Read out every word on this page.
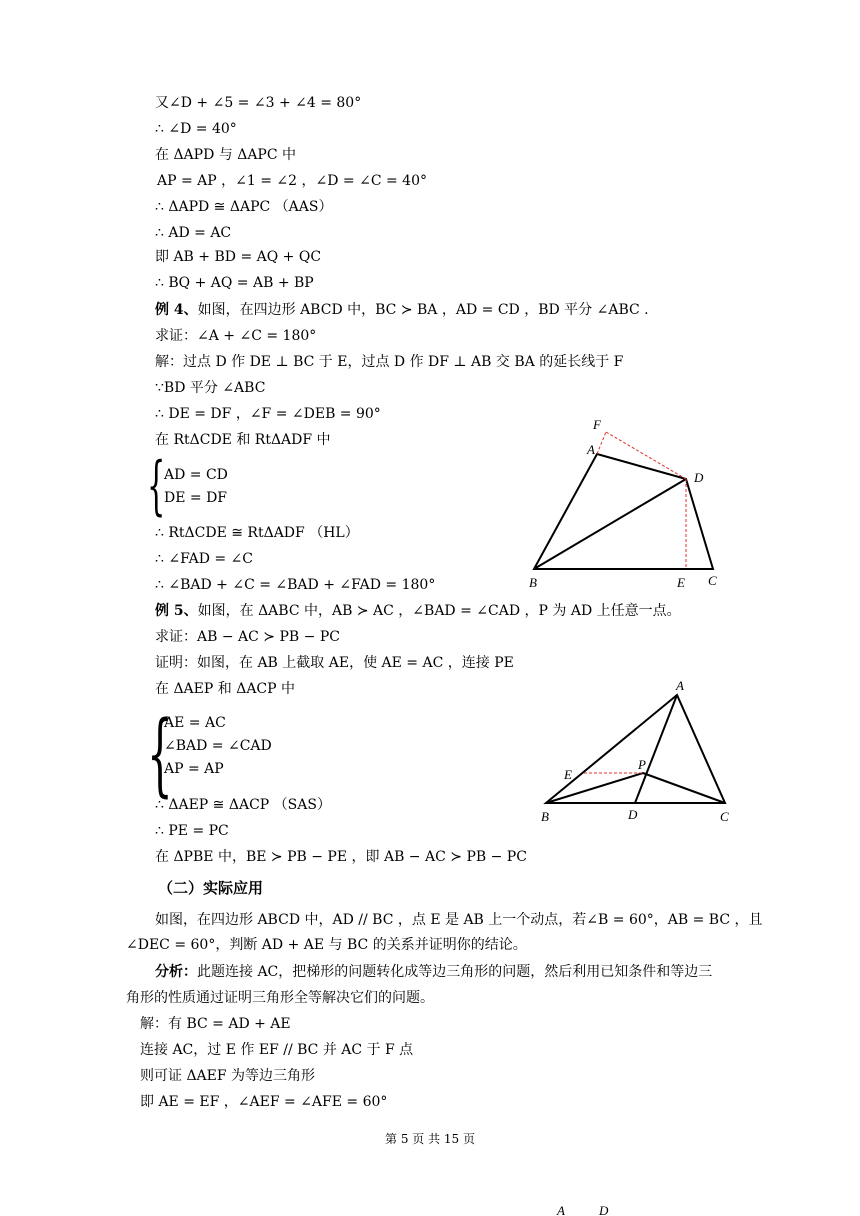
又∠D + ∠5 = ∠3 + ∠4 = 80°
∴ ∠D = 40°
在 ΔAPD 与 ΔAPC 中
AP = AP ，∠1 = ∠2 ，∠D = ∠C = 40°
∴ ΔAPD ≅ ΔAPC （AAS）
∴ AD = AC
即 AB + BD = AQ + QC
∴ BQ + AQ = AB + BP
例 4、如图，在四边形 ABCD 中，BC ≻ BA ，AD = CD ，BD 平分 ∠ABC .
求证：∠A + ∠C = 180°
解：过点 D 作 DE ⊥ BC 于 E，过点 D 作 DF ⊥ AB 交 BA 的延长线于 F
∵BD 平分 ∠ABC
∴ DE = DF ，∠F = ∠DEB = 90°
在 RtΔCDE 和 RtΔADF 中
{
AD = CD
DE = DF
∴ RtΔCDE ≅ RtΔADF （HL）
∴ ∠FAD = ∠C
∴ ∠BAD + ∠C = ∠BAD + ∠FAD = 180°
例 5、如图，在 ΔABC 中，AB ≻ AC ，∠BAD = ∠CAD ，P 为 AD 上任意一点。
求证：AB − AC ≻ PB − PC
证明：如图，在 AB 上截取 AE，使 AE = AC ，连接 PE
在 ΔAEP 和 ΔACP 中
{
AE = AC
∠BAD = ∠CAD
AP = AP
∴ ΔAEP ≅ ΔACP （SAS）
∴ PE = PC
在 ΔPBE 中，BE ≻ PB − PE ，即 AB − AC ≻ PB − PC
（二）实际应用
如图，在四边形 ABCD 中，AD // BC ，点 E 是 AB 上一个动点，若∠B = 60°，AB = BC ，且
∠DEC = 60°，判断 AD + AE 与 BC 的关系并证明你的结论。
分析：此题连接 AC，把梯形的问题转化成等边三角形的问题，然后利用已知条件和等边三
角形的性质通过证明三角形全等解决它们的问题。
解：有 BC = AD + AE
连接 AC，过 E 作 EF // BC 并 AC 于 F 点
则可证 ΔAEF 为等边三角形
即 AE = EF ，∠AEF = ∠AFE = 60°
第 5 页 共 15 页
F
A
D
B	E C
A
E
P
B	D	C
A	D
